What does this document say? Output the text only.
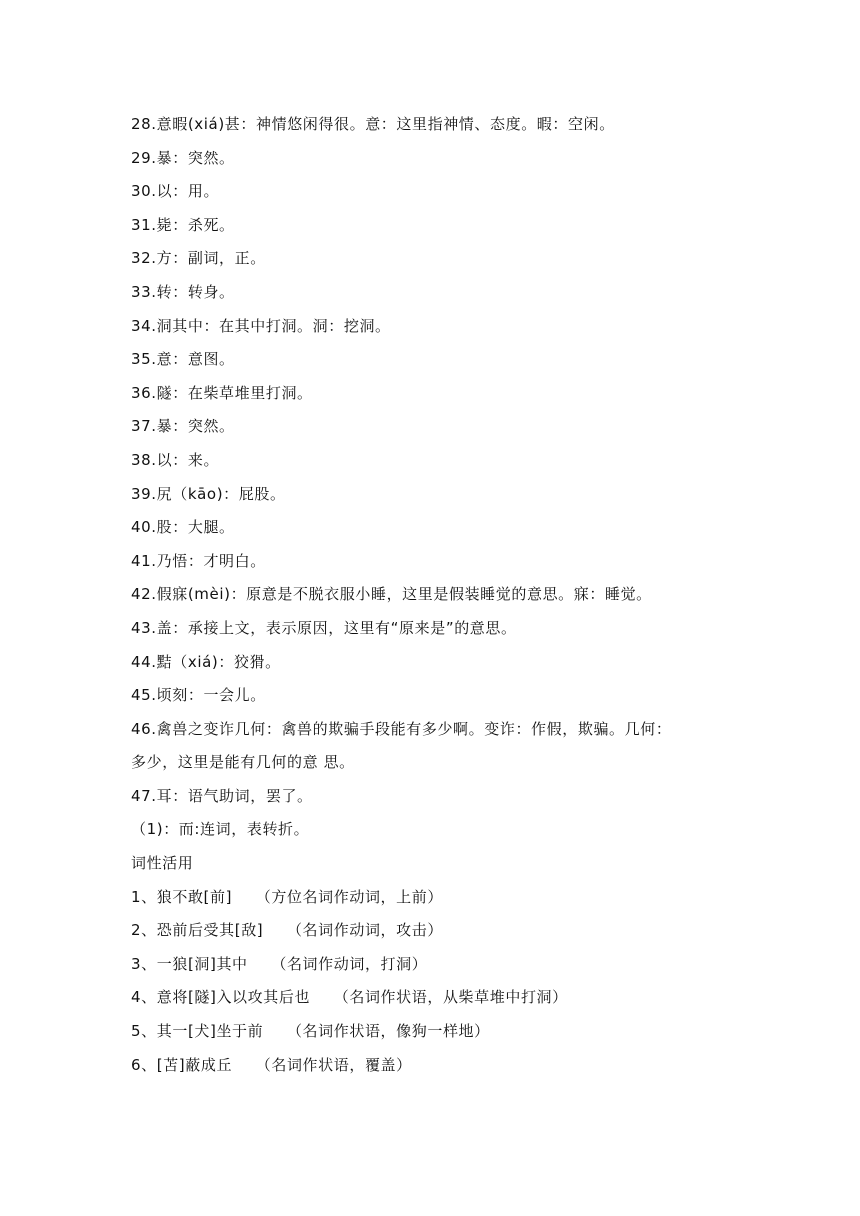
28.意暇(xiá)甚：神情悠闲得很。意：这里指神情、态度。暇：空闲。
29.暴：突然。
30.以：用。
31.毙：杀死。
32.方：副词，正。
33.转：转身。
34.洞其中：在其中打洞。洞：挖洞。
35.意：意图。
36.隧：在柴草堆里打洞。
37.暴：突然。
38.以：来。
39.尻（kāo)：屁股。
40.股：大腿。
41.乃悟：才明白。
42.假寐(mèi)：原意是不脱衣服小睡，这里是假装睡觉的意思。寐：睡觉。
43.盖：承接上文，表示原因，这里有“原来是”的意思。
44.黠（xiá)：狡猾。
45.顷刻：一会儿。
46.禽兽之变诈几何：禽兽的欺骗手段能有多少啊。变诈：作假，欺骗。几何：
多少，这里是能有几何的意 思。
47.耳：语气助词，罢了。
（1)：而:连词，表转折。
词性活用
1、狼不敢[前]　　（方位名词作动词，上前）
2、恐前后受其[敌]　　（名词作动词，攻击）
3、一狼[洞]其中　　（名词作动词，打洞）
4、意将[隧]入以攻其后也　　（名词作状语，从柴草堆中打洞）
5、其一[犬]坐于前　　（名词作状语，像狗一样地）
6、[苫]蔽成丘　　（名词作状语，覆盖）
